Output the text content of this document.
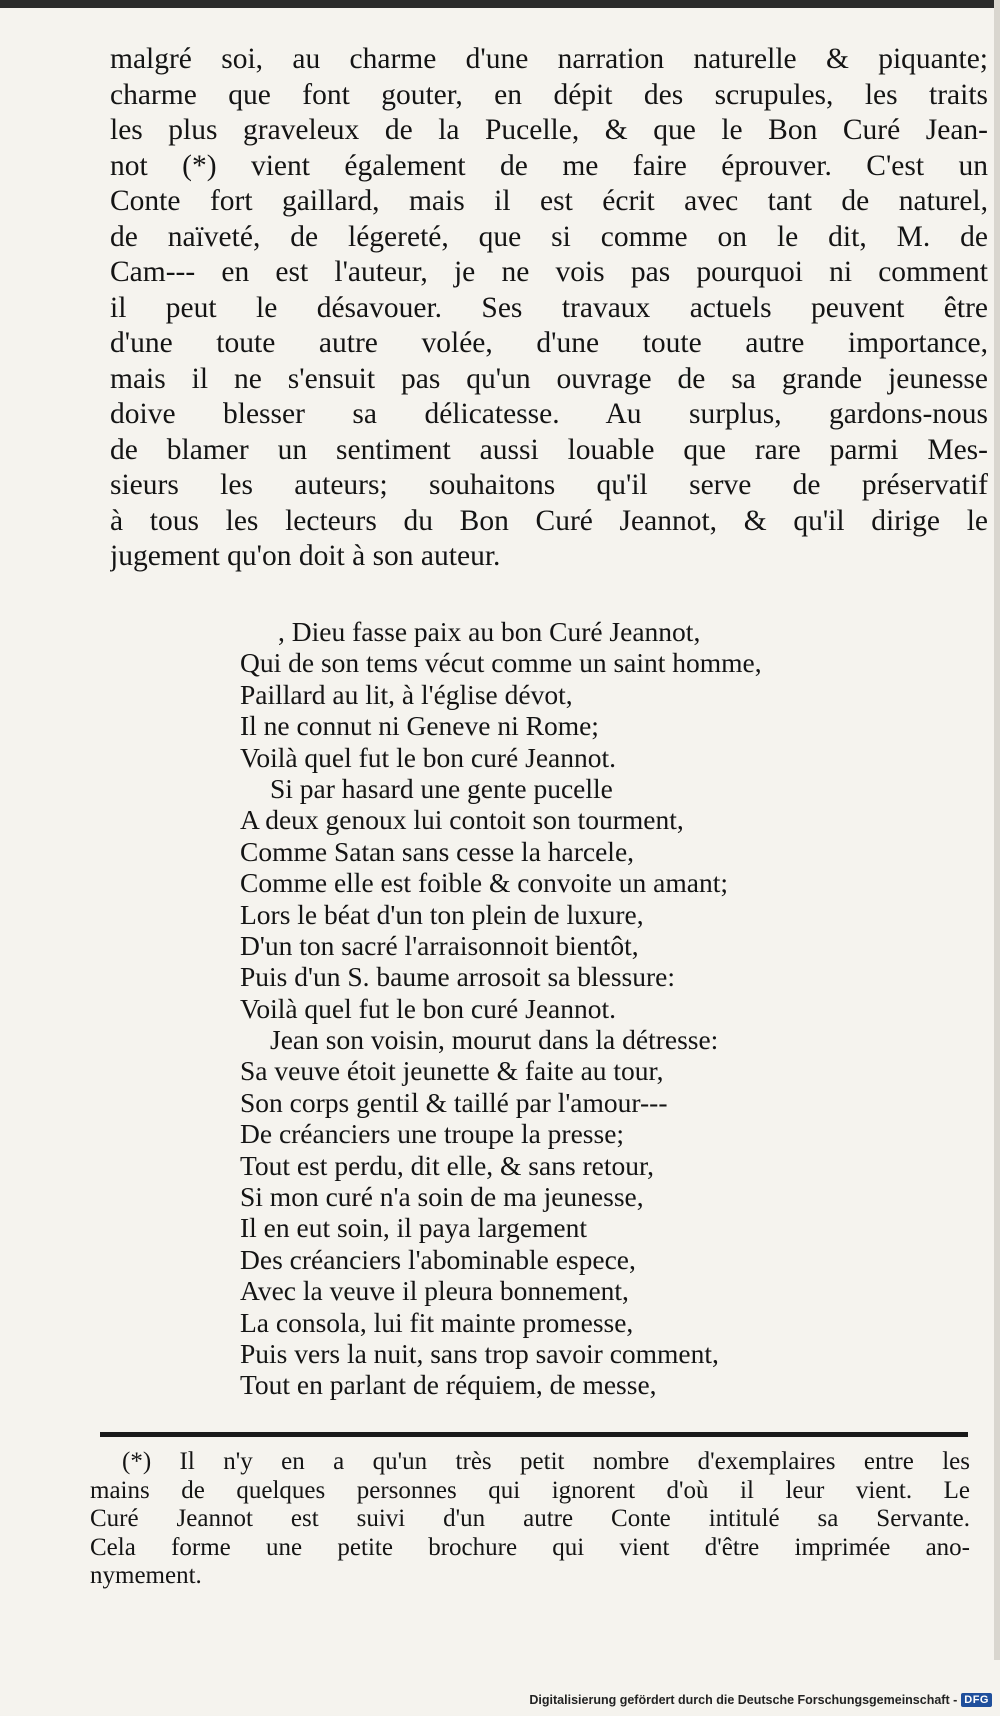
malgré soi, au charme d'une narration naturelle & piquante;
charme que font gouter, en dépit des scrupules, les traits
les plus graveleux de la Pucelle, & que le Bon Curé Jean-
not (*) vient également de me faire éprouver. C'est un
Conte fort gaillard, mais il est écrit avec tant de naturel,
de naïveté, de légereté, que si comme on le dit, M. de
Cam--- en est l'auteur, je ne vois pas pourquoi ni comment
il peut le désavouer. Ses travaux actuels peuvent être
d'une toute autre volée, d'une toute autre importance,
mais il ne s'ensuit pas qu'un ouvrage de sa grande jeunesse
doive blesser sa délicatesse. Au surplus, gardons-nous
de blamer un sentiment aussi louable que rare parmi Mes-
sieurs les auteurs; souhaitons qu'il serve de préservatif
à tous les lecteurs du Bon Curé Jeannot, & qu'il dirige le
jugement qu'on doit à son auteur.
, Dieu fasse paix au bon Curé Jeannot,
Qui de son tems vécut comme un saint homme,
Paillard au lit, à l'église dévot,
Il ne connut ni Geneve ni Rome;
Voilà quel fut le bon curé Jeannot.
Si par hasard une gente pucelle
A deux genoux lui contoit son tourment,
Comme Satan sans cesse la harcele,
Comme elle est foible & convoite un amant;
Lors le béat d'un ton plein de luxure,
D'un ton sacré l'arraisonnoit bientôt,
Puis d'un S. baume arrosoit sa blessure:
Voilà quel fut le bon curé Jeannot.
Jean son voisin, mourut dans la détresse:
Sa veuve étoit jeunette & faite au tour,
Son corps gentil & taillé par l'amour---
De créanciers une troupe la presse;
Tout est perdu, dit elle, & sans retour,
Si mon curé n'a soin de ma jeunesse,
Il en eut soin, il paya largement
Des créanciers l'abominable espece,
Avec la veuve il pleura bonnement,
La consola, lui fit mainte promesse,
Puis vers la nuit, sans trop savoir comment,
Tout en parlant de réquiem, de messe,
(*) Il n'y en a qu'un très petit nombre d'exemplaires entre les
mains de quelques personnes qui ignorent d'où il leur vient. Le
Curé Jeannot est suivi d'un autre Conte intitulé sa Servante.
Cela forme une petite brochure qui vient d'être imprimée ano-
nymement.
Digitalisierung gefördert durch die Deutsche Forschungsgemeinschaft - DFG
